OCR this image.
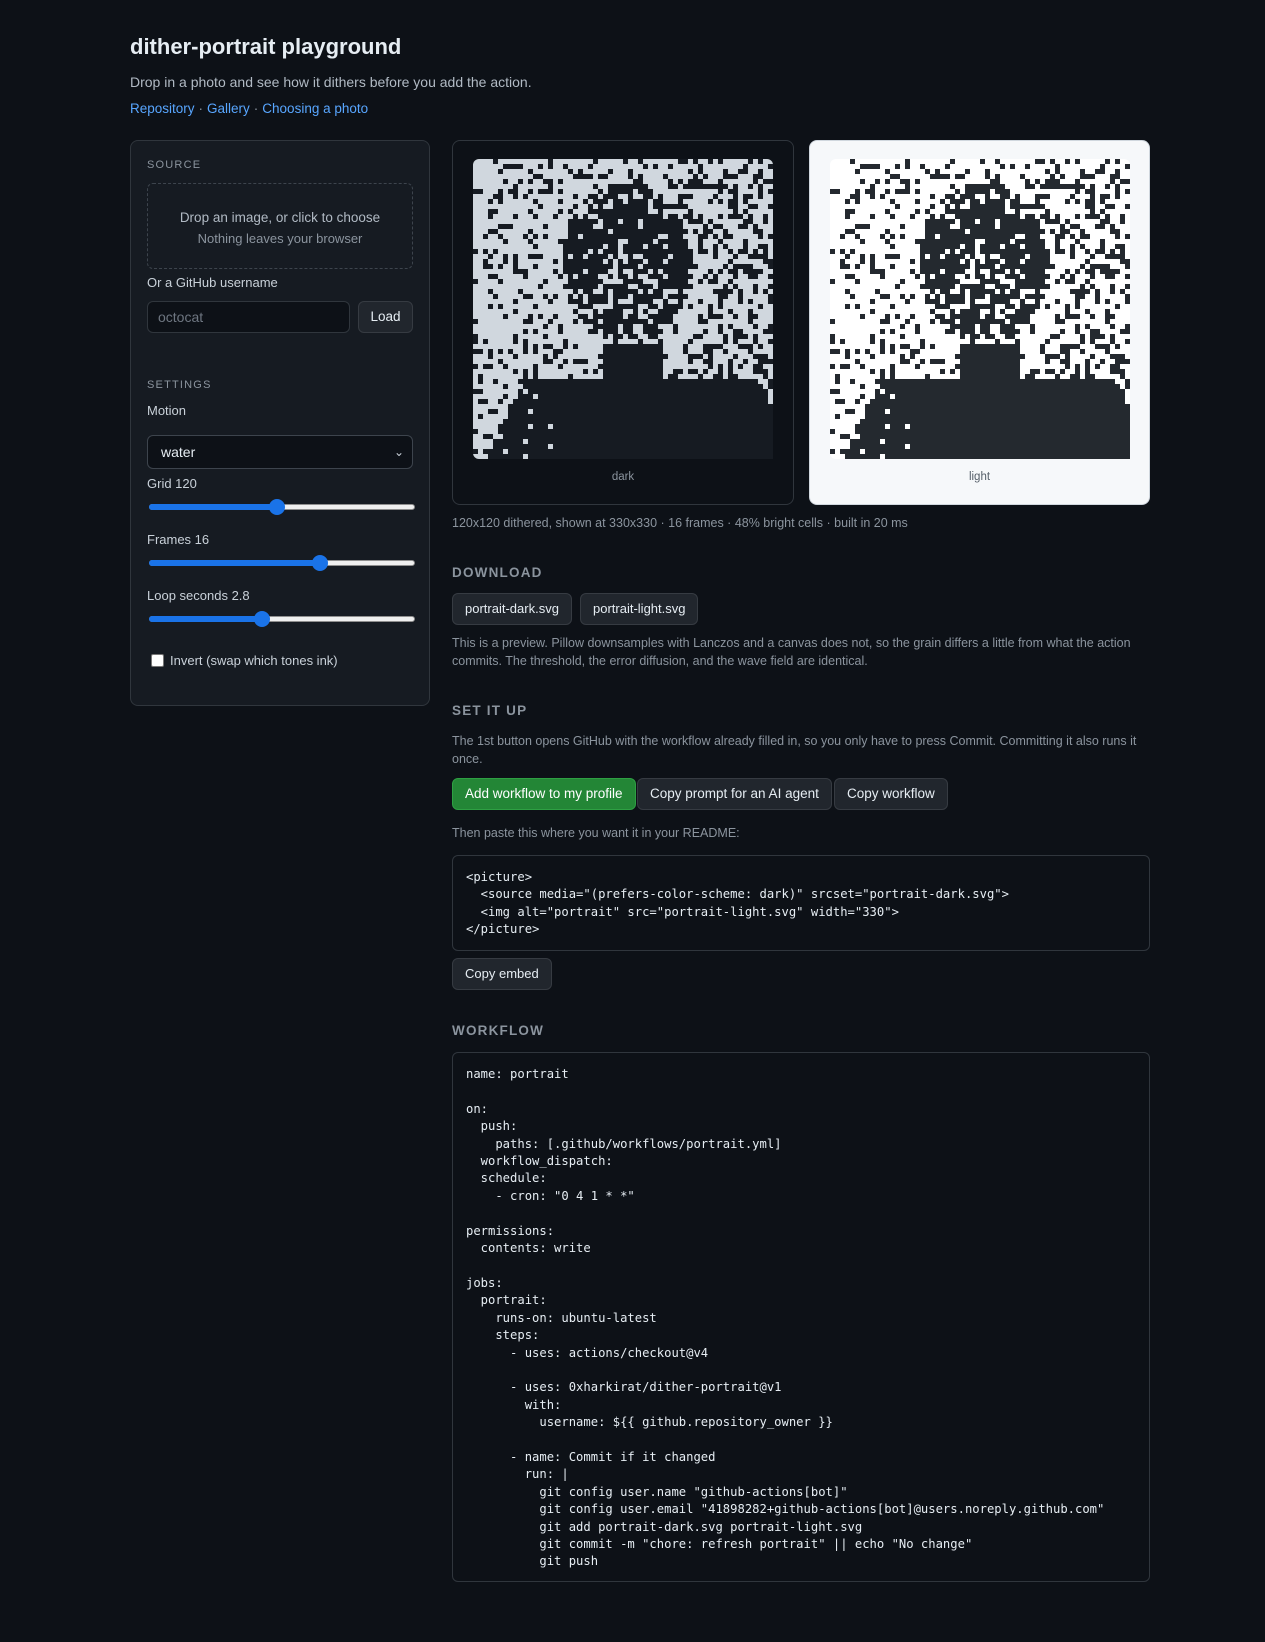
dither-portrait playground
Drop in a photo and see how it dithers before you add the action.
Repository · Gallery · Choosing a photo
SOURCE
Drop an image, or click to choose
Nothing leaves your browser
Or a GitHub username
octocat	Load
SETTINGS
Motion
water	⌄
Grid 120
Frames 16
Loop seconds 2.8
Invert (swap which tones ink)
dark	light
120x120 dithered, shown at 330x330 · 16 frames · 48% bright cells · built in 20 ms
DOWNLOAD
portrait-dark.svg	portrait-light.svg
This is a preview. Pillow downsamples with Lanczos and a canvas does not, so the grain differs a little from what the action commits. The threshold, the error diffusion, and the wave field are identical.
SET IT UP
The 1st button opens GitHub with the workflow already filled in, so you only have to press Commit. Committing it also runs it once.
Add workflow to my profile	Copy prompt for an AI agent	Copy workflow
Then paste this where you want it in your README:
<picture>
<source media="(prefers-color-scheme: dark)" srcset="portrait-dark.svg">
<img alt="portrait" src="portrait-light.svg" width="330">
</picture>
Copy embed
WORKFLOW
name: portrait

on:
push:
paths: [.github/workflows/portrait.yml]
workflow_dispatch:
schedule:
- cron: "0 4 1 * *"

permissions:
contents: write

jobs:
portrait:
runs-on: ubuntu-latest
steps:
- uses: actions/checkout@v4

- uses: 0xharkirat/dither-portrait@v1
with:
username: ${{ github.repository_owner }}

- name: Commit if it changed
run: |
git config user.name "github-actions[bot]"
git config user.email "41898282+github-actions[bot]@users.noreply.github.com"
git add portrait-dark.svg portrait-light.svg
git commit -m "chore: refresh portrait" || echo "No change"
git push
